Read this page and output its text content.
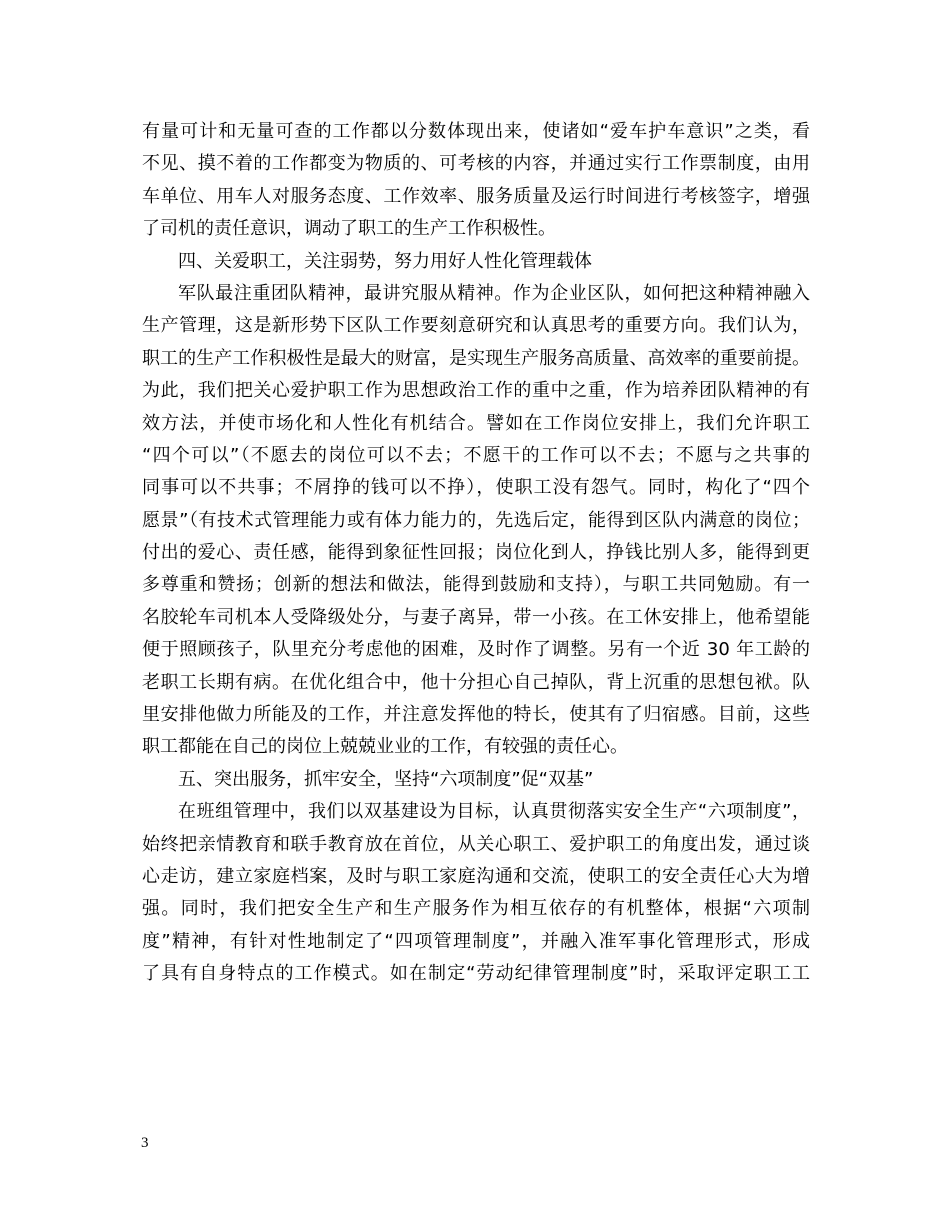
有量可计和无量可查的工作都以分数体现出来，使诸如“爱车护车意识”之类，看
不见、摸不着的工作都变为物质的、可考核的内容，并通过实行工作票制度，由用
车单位、用车人对服务态度、工作效率、服务质量及运行时间进行考核签字，增强
了司机的责任意识，调动了职工的生产工作积极性。
四、关爱职工，关注弱势，努力用好人性化管理载体
军队最注重团队精神，最讲究服从精神。作为企业区队，如何把这种精神融入
生产管理，这是新形势下区队工作要刻意研究和认真思考的重要方向。我们认为，
职工的生产工作积极性是最大的财富，是实现生产服务高质量、高效率的重要前提。
为此，我们把关心爱护职工作为思想政治工作的重中之重，作为培养团队精神的有
效方法，并使市场化和人性化有机结合。譬如在工作岗位安排上，我们允许职工
“四个可以”（不愿去的岗位可以不去；不愿干的工作可以不去；不愿与之共事的
同事可以不共事；不屑挣的钱可以不挣），使职工没有怨气。同时，构化了“四个
愿景”（有技术式管理能力或有体力能力的，先选后定，能得到区队内满意的岗位；
付出的爱心、责任感，能得到象征性回报；岗位化到人，挣钱比别人多，能得到更
多尊重和赞扬；创新的想法和做法，能得到鼓励和支持），与职工共同勉励。有一
名胶轮车司机本人受降级处分，与妻子离异，带一小孩。在工休安排上，他希望能
便于照顾孩子，队里充分考虑他的困难，及时作了调整。另有一个近 30 年工龄的
老职工长期有病。在优化组合中，他十分担心自己掉队，背上沉重的思想包袱。队
里安排他做力所能及的工作，并注意发挥他的特长，使其有了归宿感。目前，这些
职工都能在自己的岗位上兢兢业业的工作，有较强的责任心。
五、突出服务，抓牢安全，坚持“六项制度”促“双基”
在班组管理中，我们以双基建设为目标，认真贯彻落实安全生产“六项制度”，
始终把亲情教育和联手教育放在首位，从关心职工、爱护职工的角度出发，通过谈
心走访，建立家庭档案，及时与职工家庭沟通和交流，使职工的安全责任心大为增
强。同时，我们把安全生产和生产服务作为相互依存的有机整体，根据“六项制
度”精神，有针对性地制定了“四项管理制度”，并融入准军事化管理形式，形成
了具有自身特点的工作模式。如在制定“劳动纪律管理制度”时，采取评定职工工
3
